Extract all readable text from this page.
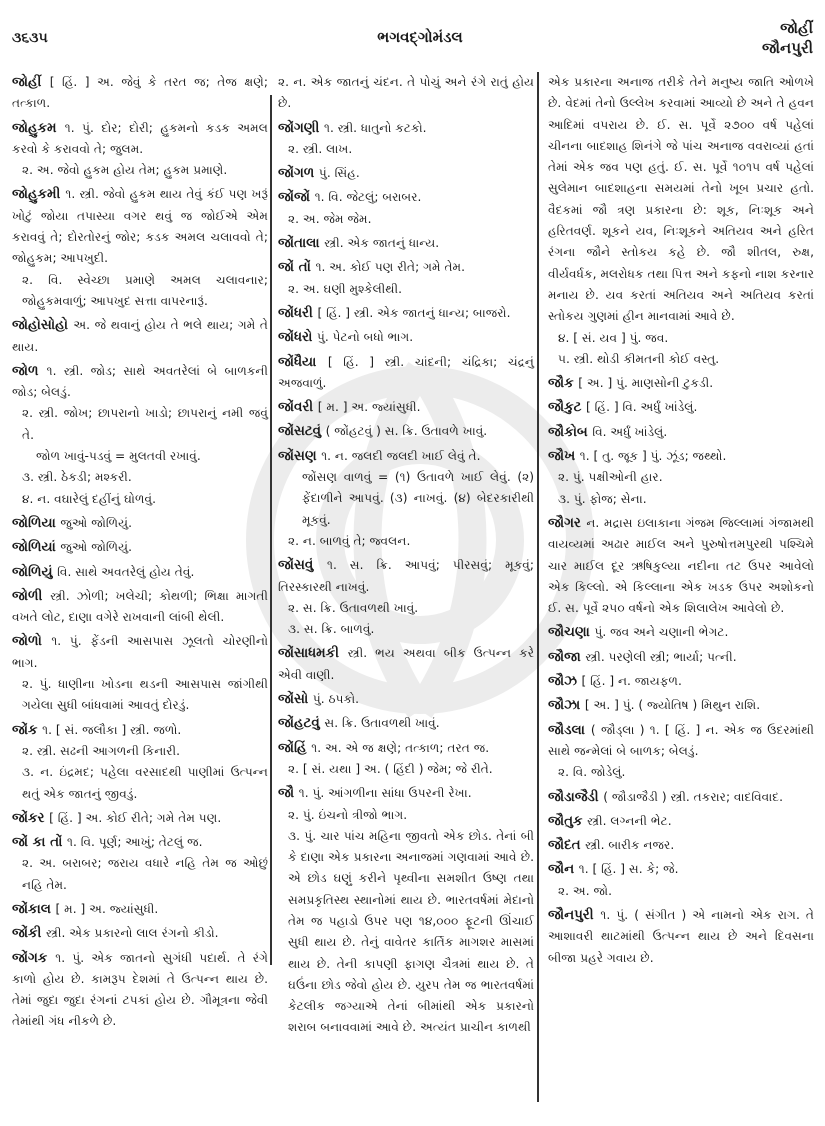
૩૬૩૫	ભગવદ્ગોમંડલ	જોહીં
જૌનપુરી

જોહીં [ હિં. ] અ. જેવું કે તરત જ; તેજ ક્ષણે; તત્કાળ.

જોહુકમ ૧. પું. દોર; દોરી; હુકમનો કડક અમલ કરવો કે કરાવવો તે; જુલમ.

૨. અ. જેવો હુકમ હોય તેમ; હુકમ પ્રમાણે.

જોહુકમી ૧. સ્ત્રી. જેવો હુકમ થાય તેવું કંઈ પણ ખરૂં ખોટું જોયા તપાસ્યા વગર થવું જ જોઈએ એમ કરાવવું તે; દોરતોરનું જોર; કડક અમલ ચલાવવો તે; જોહુકમ; આપખુદી.

૨. વિ. સ્વેચ્છા પ્રમાણે અમલ ચલાવનાર; જોહુકમવાળું; આપખુદ સત્તા વાપરનારૂં.

જોહોસોહો અ. જે થવાનું હોય તે ભલે થાય; ગમે તે થાય.

જોળ ૧. સ્ત્રી. જોડ; સાથે અવતરેલાં બે બાળકની જોડ; બેલડું.

૨. સ્ત્રી. જોખ; છાપરાનો ખાડો; છાપરાનું નમી જવું તે.

જોળ ખાવું-પડવું = મુલતવી રખાવું.

૩. સ્ત્રી. ઠેકડી; મશ્કરી.

૪. ન. વઘારેલું દહીંનું ઘોળવું.

જોળિયા જુઓ જોળિયું.

જોળિયાં જુઓ જોળિયું.

જોળિયું વિ. સાથે અવતરેલું હોય તેવું.

જોળી સ્ત્રી. ઝોળી; ખલેચી; કોથળી; ભિક્ષા માગતી વખતે લોટ, દાણા વગેરે રાખવાની લાંબી થેલી.

જોળો ૧. પું. ફેંડની આસપાસ ઝૂલતો ચોરણીનો ભાગ.

૨. પું. ધાણીના ખોડના થડની આસપાસ જાંગીથી ગયેલા સુધી બાંધવામાં આવતું દોરડું.

જોંક ૧. [ સં. જલૌકા ] સ્ત્રી. જળો.

૨. સ્ત્રી. સઢની આગળની કિનારી.

૩. ન. ઇંદ્રમદ; પહેલા વરસાદથી પાણીમાં ઉત્પન્ન થતું એક જાતનું જીવડું.

જોંકર [ હિં. ] અ. કોઈ રીતે; ગમે તેમ પણ.

જોં કા તોં ૧. વિ. પૂર્ણ; આખું; તેટલું જ.

૨. અ. બરાબર; જરાય વધારે નહિ તેમ જ ઓછું નહિ તેમ.

જોંકાલ [ મ. ] અ. જ્યાંસુધી.

જોંકી સ્ત્રી. એક પ્રકારનો લાલ રંગનો કીડો.

જોંગક ૧. પું. એક જાતનો સુગંધી પદાર્થ. તે રંગે કાળો હોય છે. કામરૂપ દેશમાં તે ઉત્પન્ન થાય છે. તેમાં જુદા જુદા રંગનાં ટપકાં હોય છે. ગૌમૂત્રના જેવી તેમાંથી ગંધ નીકળે છે.

૨. ન. એક જાતનું ચંદન. તે પોચું અને રંગે રાતું હોય છે.

જોંગણી ૧. સ્ત્રી. ધાતુનો કટકો.

૨. સ્ત્રી. લાખ.

જોંગળ પું. સિંહ.

જોંજોં ૧. વિ. જેટલું; બરાબર.

૨. અ. જેમ જેમ.

જોંતાલા સ્ત્રી. એક જાતનું ધાન્ય.

જોં તોં ૧. અ. કોઈ પણ રીતે; ગમે તેમ.

૨. અ. ઘણી મુશ્કેલીથી.

જોંધરી [ હિં. ] સ્ત્રી. એક જાતનું ધાન્ય; બાજરો.

જોંધરો પું. પેટનો બધો ભાગ.

જોંધૈયા [ હિં. ] સ્ત્રી. ચાંદની; ચંદ્રિકા; ચંદ્રનું અજવાળું.

જોંવરી [ મ. ] અ. જ્યાંસુધી.

જોંસટવું ( જોંહટવું ) સ. ક્રિ. ઉતાવળે ખાવું.

જોંસણ ૧. ન. જલદી જલદી ખાઈ લેવું તે.

જોંસણ વાળવું = (૧) ઉતાવળે ખાઈ લેવું. (૨) ફેંદાળીને આપવું. (૩) નાખવું. (૪) બેદરકારીથી મૂકવું.

૨. ન. બાળવું તે; જ્વલન.

જોંસવું ૧. સ. ક્રિ. આપવું; પીરસવું; મૂકવું; તિરસ્કારથી નાખવું.

૨. સ. ક્રિ. ઉતાવળથી ખાવું.

૩. સ. ક્રિ. બાળવું.

જોંસાધમકી સ્ત્રી. ભય અથવા બીક ઉત્પન્ન કરે એવી વાણી.

જોંસો પું. ઠપકો.

જોંહટવું સ. ક્રિ. ઉતાવળથી ખાવું.

જોંહિં ૧. અ. એ જ ક્ષણે; તત્કાળ; તરત જ.

૨. [ સં. યથા ] અ. ( હિંદી ) જેમ; જે રીતે.

જૌ ૧. પું. આંગળીના સાંધા ઉપરની રેખા.

૨. પું. ઇંચનો ત્રીજો ભાગ.

૩. પું. ચાર પાંચ મહિના જીવતો એક છોડ. તેનાં બી કે દાણા એક પ્રકારના અનાજમાં ગણવામાં આવે છે. એ છોડ ઘણું કરીને પૃથ્વીના સમશીત ઉષ્ણ તથા સમપ્રકૃતિસ્થ સ્થાનોમાં થાય છે. ભારતવર્ષમાં મેદાનો તેમ જ પહાડો ઉપર પણ ૧૪,૦૦૦ ફૂટની ઊંચાઈ સુધી થાય છે. તેનું વાવેતર કાર્તિક માગશર માસમાં થાય છે. તેની કાપણી ફાગણ ચૈત્રમાં થાય છે. તે ઘઉંના છોડ જેવો હોય છે. યુરપ તેમ જ ભારતવર્ષમાં કેટલીક જગ્યાએ તેનાં બીમાંથી એક પ્રકારનો શરાબ બનાવવામાં આવે છે. અત્યંત પ્રાચીન કાળથી

એક પ્રકારના અનાજ તરીકે તેને મનુષ્ય જાતિ ઓળખે છે. વેદમાં તેનો ઉલ્લેખ કરવામાં આવ્યો છે અને તે હવન આદિમાં વપરાય છે. ઈ. સ. પૂર્વે ૨૭૦૦ વર્ષ પહેલાં ચીનના બાદશાહ શિનંગે જે પાંચ અનાજ વવરાવ્યાં હતાં તેમાં એક જવ પણ હતું. ઈ. સ. પૂર્વે ૧૦૧૫ વર્ષ પહેલાં સુલેમાન બાદશાહના સમયમાં તેનો ખૂબ પ્રચાર હતો. વૈદકમાં જૌ ત્રણ પ્રકારના છે: શૂક, નિઃશૂક અને હરિતવર્ણ. શૂકને યવ, નિઃશૂકને અતિયવ અને હરિત રંગના જૌને સ્તોકય કહે છે. જૌ શીતલ, રુક્ષ, વીર્યવર્ધક, મલરોધક તથા પિત્ત અને કફનો નાશ કરનાર મનાય છે. યવ કરતાં અતિયવ અને અતિયવ કરતાં સ્તોકય ગુણમાં હીન માનવામાં આવે છે.

૪. [ સં. યવ ] પું. જવ.

૫. સ્ત્રી. થોડી કીમતની કોઈ વસ્તુ.

જૌક [ અ. ] પું. માણસોની ટુકડી.

જૌકુટ [ હિં. ] વિ. અર્ધું ખાંડેલું.

જૌકોબ વિ. અર્ધું ખાંડેલું.

જૌખ ૧. [ તુ. જૂક ] પું. ઝૂંડ; જથ્થો.

૨. પું. પક્ષીઓની હાર.

૩. પું. ફોજ; સેના.

જૌગર ન. મદ્રાસ ઇલાકાના ગંજમ જિલ્લામાં ગંજામથી વાયવ્યમાં અઢાર માઈલ અને પુરુષોત્તમપુરથી પશ્ચિમે ચાર માઈલ દૂર ઋષિકુલ્યા નદીના તટ ઉપર આવેલો એક કિલ્લો. એ કિલ્લાના એક ખડક ઉપર અશોકનો ઈ. સ. પૂર્વે ૨૫૦ વર્ષનો એક શિલાલેખ આવેલો છે.

જૌચણા પું. જવ અને ચણાની ભેગટ.

જૌજા સ્ત્રી. પરણેલી સ્ત્રી; ભાર્યા; પત્ની.

જૌઝ [ હિં. ] ન. જાયફળ.

જૌઝા [ અ. ] પું. ( જ્યોતિષ ) મિથુન રાશિ.

જૌડલા ( જૌડ્લા ) ૧. [ હિં. ] ન. એક જ ઉદરમાંથી સાથે જન્મેલાં બે બાળક; બેલડું.

૨. વિ. જોડેલું.

જૌડાજૈડી ( જૌડાજૈડી ) સ્ત્રી. તકરાર; વાદવિવાદ.

જૌતુક સ્ત્રી. લગ્નની ભેટ.

જૌદત સ્ત્રી. બારીક નજર.

જૌન ૧. [ હિં. ] સ. કે; જે.

૨. અ. જો.

જૌનપુરી ૧. પું. ( સંગીત ) એ નામનો એક રાગ. તે આશાવરી થાટમાંથી ઉત્પન્ન થાય છે અને દિવસના બીજા પ્રહરે ગવાય છે.
